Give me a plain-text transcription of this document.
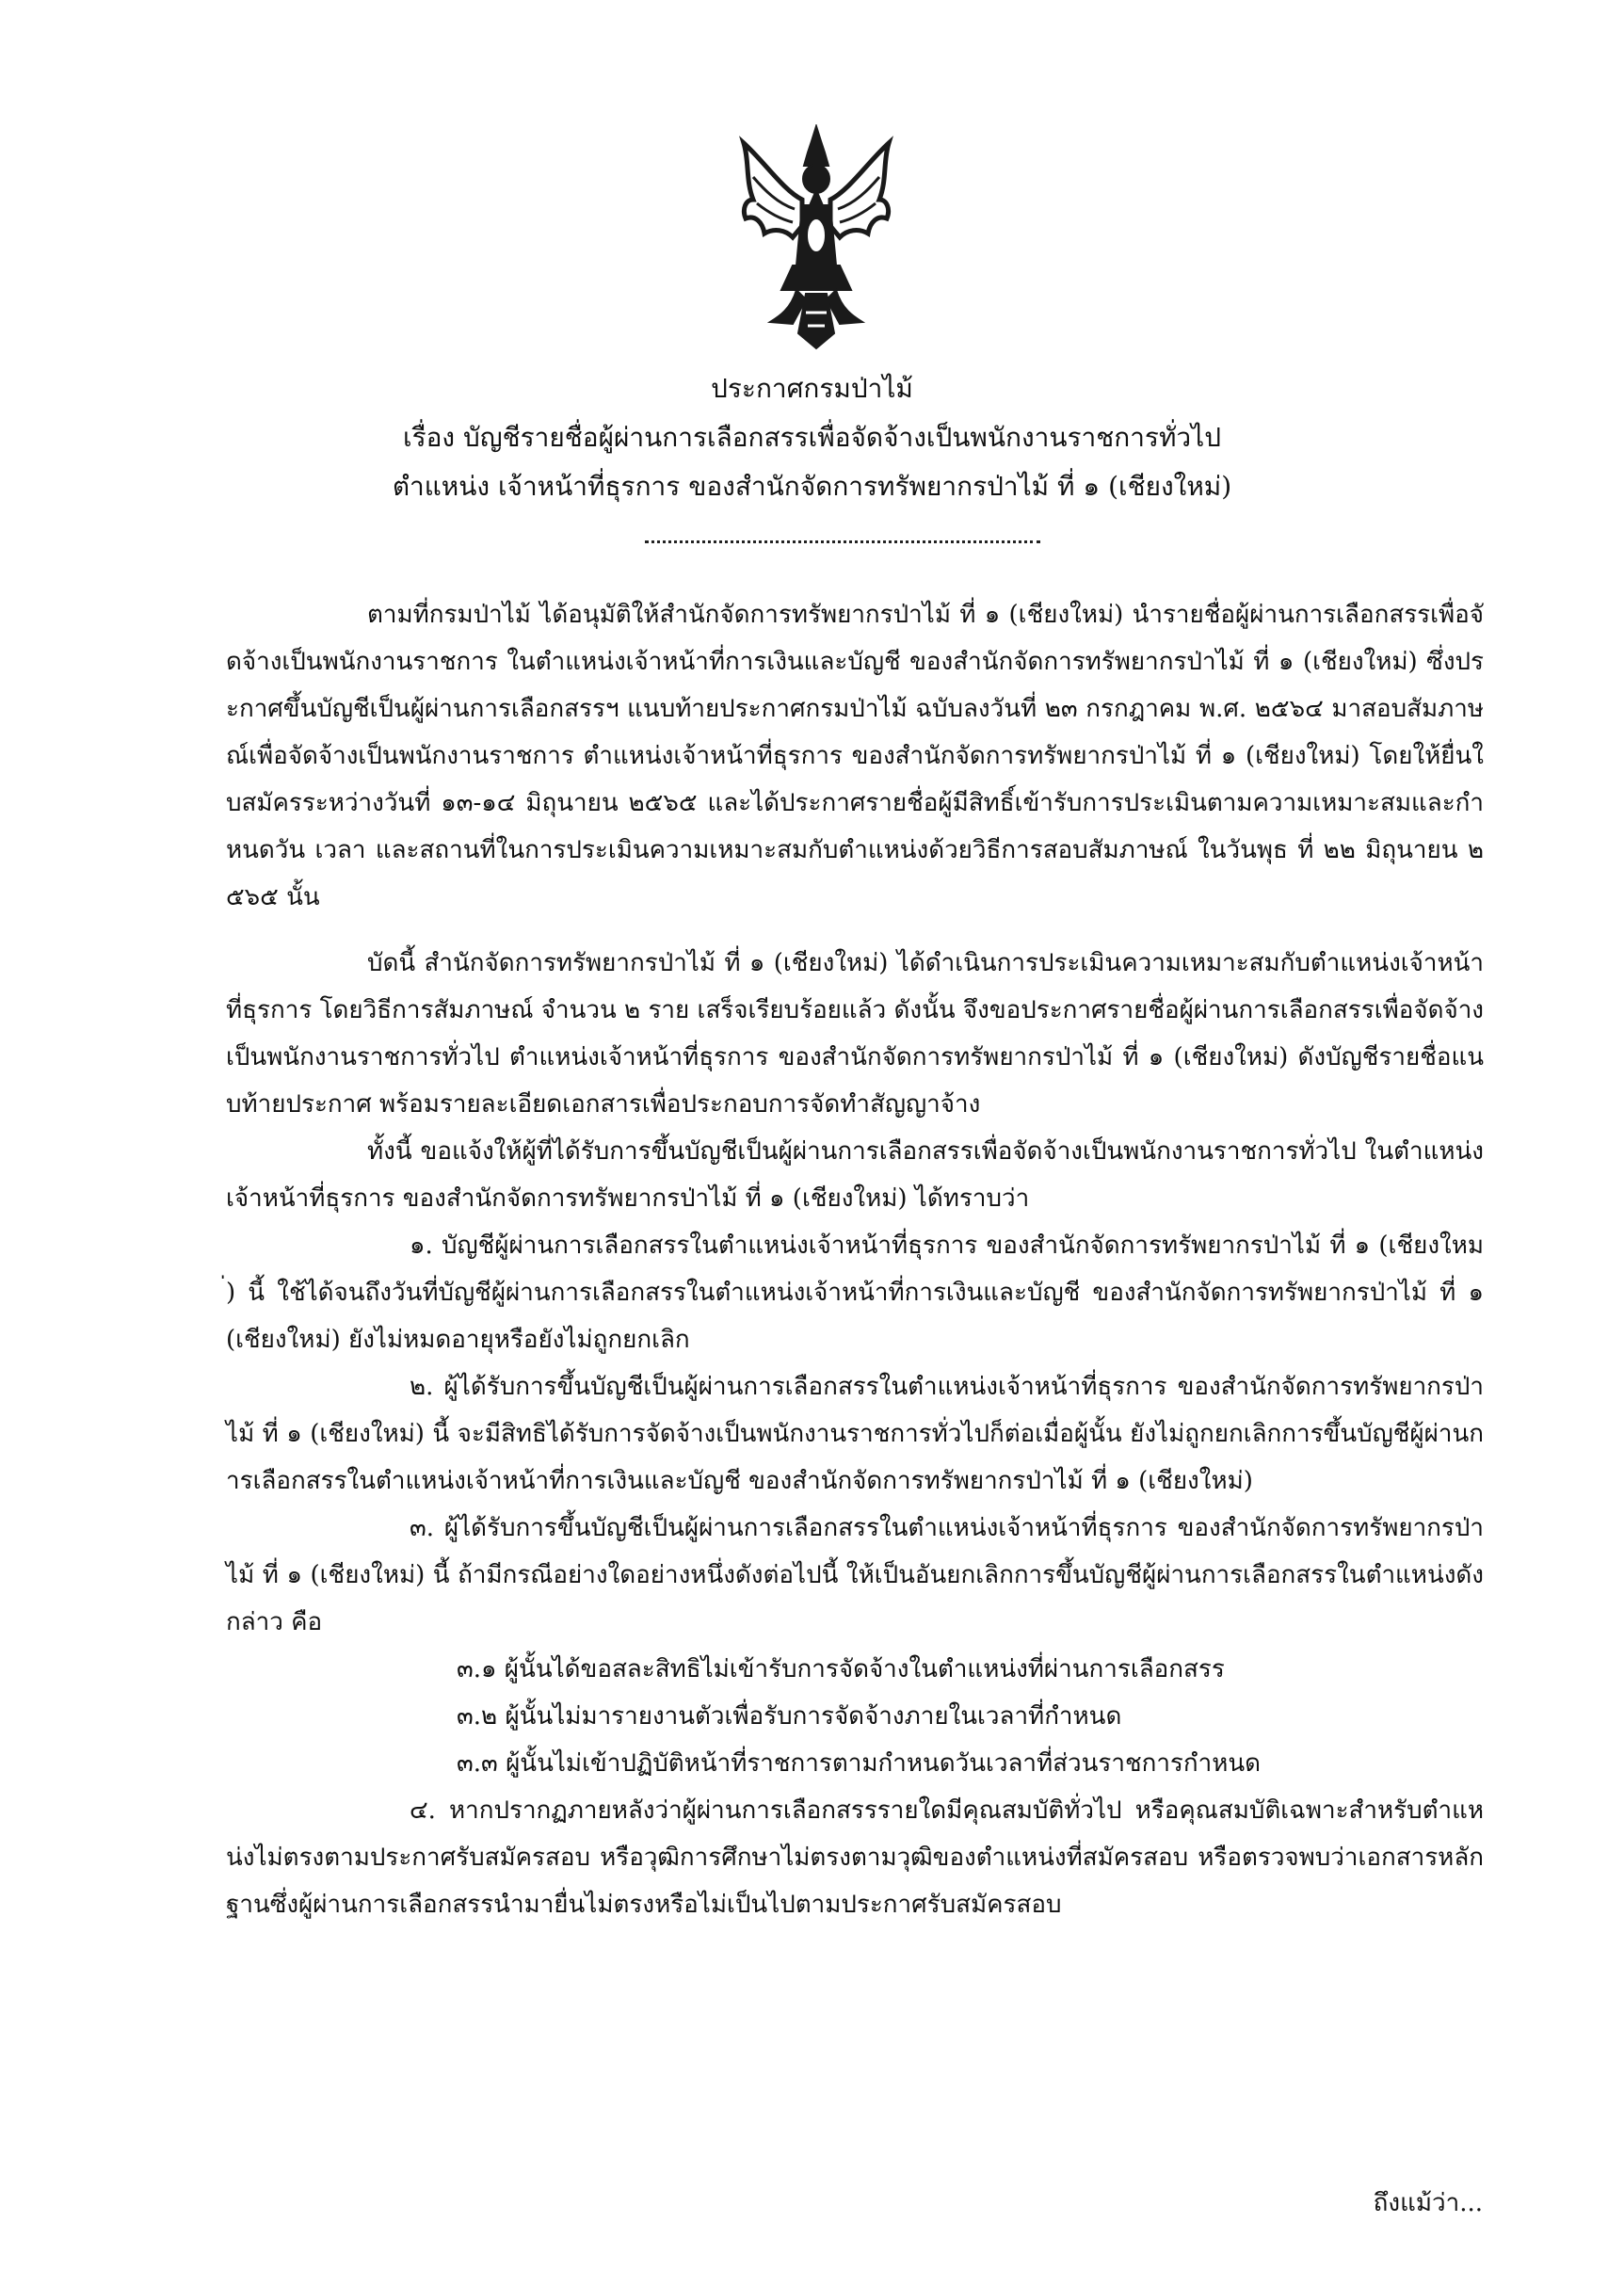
ประกาศกรมป่าไม้
เรื่อง บัญชีรายชื่อผู้ผ่านการเลือกสรรเพื่อจัดจ้างเป็นพนักงานราชการทั่วไป
ตำแหน่ง เจ้าหน้าที่ธุรการ ของสำนักจัดการทรัพยากรป่าไม้ ที่ ๑ (เชียงใหม่)

ตามที่กรมป่าไม้ ได้อนุมัติให้สำนักจัดการทรัพยากรป่าไม้ ที่ ๑ (เชียงใหม่) นำรายชื่อผู้ผ่านการเลือกสรรเพื่อจัดจ้างเป็นพนักงานราชการ ในตำแหน่งเจ้าหน้าที่การเงินและบัญชี ของสำนักจัดการทรัพยากรป่าไม้ ที่ ๑ (เชียงใหม่) ซึ่งประกาศขึ้นบัญชีเป็นผู้ผ่านการเลือกสรรฯ แนบท้ายประกาศกรมป่าไม้ ฉบับลงวันที่ ๒๓ กรกฎาคม พ.ศ. ๒๕๖๔ มาสอบสัมภาษณ์เพื่อจัดจ้างเป็นพนักงานราชการ ตำแหน่งเจ้าหน้าที่ธุรการ ของสำนักจัดการทรัพยากรป่าไม้ ที่ ๑ (เชียงใหม่) โดยให้ยื่นใบสมัครระหว่างวันที่ ๑๓-๑๔ มิถุนายน ๒๕๖๕ และได้ประกาศรายชื่อผู้มีสิทธิ์เข้ารับการประเมินตามความเหมาะสมและกำหนดวัน เวลา และสถานที่ในการประเมินความเหมาะสมกับตำแหน่งด้วยวิธีการสอบสัมภาษณ์ ในวันพุธ ที่ ๒๒ มิถุนายน ๒๕๖๕ นั้น

บัดนี้ สำนักจัดการทรัพยากรป่าไม้ ที่ ๑ (เชียงใหม่) ได้ดำเนินการประเมินความเหมาะสมกับตำแหน่งเจ้าหน้าที่ธุรการ โดยวิธีการสัมภาษณ์ จำนวน ๒ ราย เสร็จเรียบร้อยแล้ว ดังนั้น จึงขอประกาศรายชื่อผู้ผ่านการเลือกสรรเพื่อจัดจ้างเป็นพนักงานราชการทั่วไป ตำแหน่งเจ้าหน้าที่ธุรการ ของสำนักจัดการทรัพยากรป่าไม้ ที่ ๑ (เชียงใหม่) ดังบัญชีรายชื่อแนบท้ายประกาศ พร้อมรายละเอียดเอกสารเพื่อประกอบการจัดทำสัญญาจ้าง

ทั้งนี้ ขอแจ้งให้ผู้ที่ได้รับการขึ้นบัญชีเป็นผู้ผ่านการเลือกสรรเพื่อจัดจ้างเป็นพนักงานราชการทั่วไป ในตำแหน่งเจ้าหน้าที่ธุรการ ของสำนักจัดการทรัพยากรป่าไม้ ที่ ๑ (เชียงใหม่) ได้ทราบว่า

๑. บัญชีผู้ผ่านการเลือกสรรในตำแหน่งเจ้าหน้าที่ธุรการ ของสำนักจัดการทรัพยากรป่าไม้ ที่ ๑ (เชียงใหม่) นี้ ใช้ได้จนถึงวันที่บัญชีผู้ผ่านการเลือกสรรในตำแหน่งเจ้าหน้าที่การเงินและบัญชี ของสำนักจัดการทรัพยากรป่าไม้ ที่ ๑ (เชียงใหม่) ยังไม่หมดอายุหรือยังไม่ถูกยกเลิก

๒. ผู้ได้รับการขึ้นบัญชีเป็นผู้ผ่านการเลือกสรรในตำแหน่งเจ้าหน้าที่ธุรการ ของสำนักจัดการทรัพยากรป่าไม้ ที่ ๑ (เชียงใหม่) นี้ จะมีสิทธิได้รับการจัดจ้างเป็นพนักงานราชการทั่วไปก็ต่อเมื่อผู้นั้น ยังไม่ถูกยกเลิกการขึ้นบัญชีผู้ผ่านการเลือกสรรในตำแหน่งเจ้าหน้าที่การเงินและบัญชี ของสำนักจัดการทรัพยากรป่าไม้ ที่ ๑ (เชียงใหม่)

๓. ผู้ได้รับการขึ้นบัญชีเป็นผู้ผ่านการเลือกสรรในตำแหน่งเจ้าหน้าที่ธุรการ ของสำนักจัดการทรัพยากรป่าไม้ ที่ ๑ (เชียงใหม่) นี้ ถ้ามีกรณีอย่างใดอย่างหนึ่งดังต่อไปนี้ ให้เป็นอันยกเลิกการขึ้นบัญชีผู้ผ่านการเลือกสรรในตำแหน่งดังกล่าว คือ

๓.๑ ผู้นั้นได้ขอสละสิทธิไม่เข้ารับการจัดจ้างในตำแหน่งที่ผ่านการเลือกสรร

๓.๒ ผู้นั้นไม่มารายงานตัวเพื่อรับการจัดจ้างภายในเวลาที่กำหนด

๓.๓ ผู้นั้นไม่เข้าปฏิบัติหน้าที่ราชการตามกำหนดวันเวลาที่ส่วนราชการกำหนด

๔. หากปรากฏภายหลังว่าผู้ผ่านการเลือกสรรรายใดมีคุณสมบัติทั่วไป หรือคุณสมบัติเฉพาะสำหรับตำแหน่งไม่ตรงตามประกาศรับสมัครสอบ หรือวุฒิการศึกษาไม่ตรงตามวุฒิของตำแหน่งที่สมัครสอบ หรือตรวจพบว่าเอกสารหลักฐานซึ่งผู้ผ่านการเลือกสรรนำมายื่นไม่ตรงหรือไม่เป็นไปตามประกาศรับสมัครสอบ

ถึงแม้ว่า...
